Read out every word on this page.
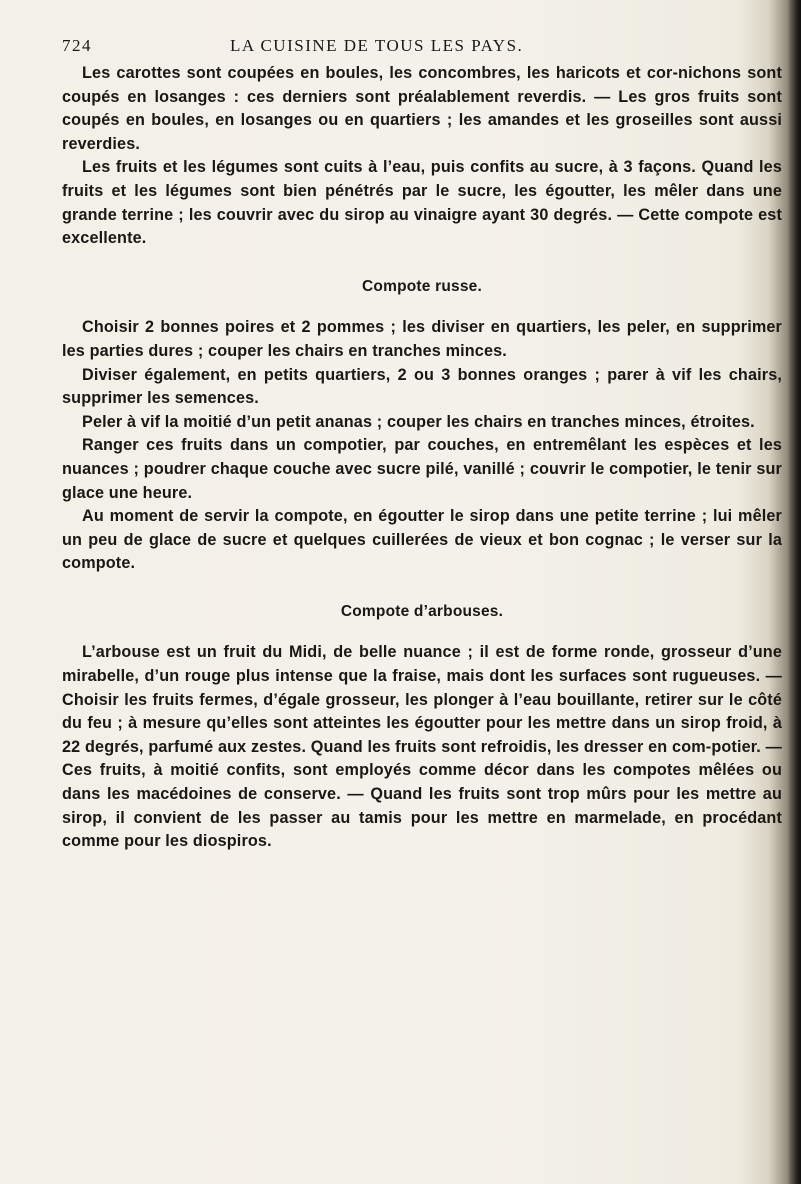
724	LA CUISINE DE TOUS LES PAYS.

Les carottes sont coupées en boules, les concombres, les haricots et cor-nichons sont coupés en losanges : ces derniers sont préalablement reverdis. — Les gros fruits sont coupés en boules, en losanges ou en quartiers ; les amandes et les groseilles sont aussi reverdies.

Les fruits et les légumes sont cuits à l’eau, puis confits au sucre, à 3 façons. Quand les fruits et les légumes sont bien pénétrés par le sucre, les égoutter, les mêler dans une grande terrine ; les couvrir avec du sirop au vinaigre ayant 30 degrés. — Cette compote est excellente.

Compote russe.

Choisir 2 bonnes poires et 2 pommes ; les diviser en quartiers, les peler, en supprimer les parties dures ; couper les chairs en tranches minces.

Diviser également, en petits quartiers, 2 ou 3 bonnes oranges ; parer à vif les chairs, supprimer les semences.

Peler à vif la moitié d’un petit ananas ; couper les chairs en tranches minces, étroites.

Ranger ces fruits dans un compotier, par couches, en entremêlant les espèces et les nuances ; poudrer chaque couche avec sucre pilé, vanillé ; couvrir le compotier, le tenir sur glace une heure.

Au moment de servir la compote, en égoutter le sirop dans une petite terrine ; lui mêler un peu de glace de sucre et quelques cuillerées de vieux et bon cognac ; le verser sur la compote.

Compote d’arbouses.

L’arbouse est un fruit du Midi, de belle nuance ; il est de forme ronde, grosseur d’une mirabelle, d’un rouge plus intense que la fraise, mais dont les surfaces sont rugueuses. — Choisir les fruits fermes, d’égale grosseur, les plonger à l’eau bouillante, retirer sur le côté du feu ; à mesure qu’elles sont atteintes les égoutter pour les mettre dans un sirop froid, à 22 degrés, parfumé aux zestes. Quand les fruits sont refroidis, les dresser en com-potier. — Ces fruits, à moitié confits, sont employés comme décor dans les compotes mêlées ou dans les macédoines de conserve. — Quand les fruits sont trop mûrs pour les mettre au sirop, il convient de les passer au tamis pour les mettre en marmelade, en procédant comme pour les diospiros.
